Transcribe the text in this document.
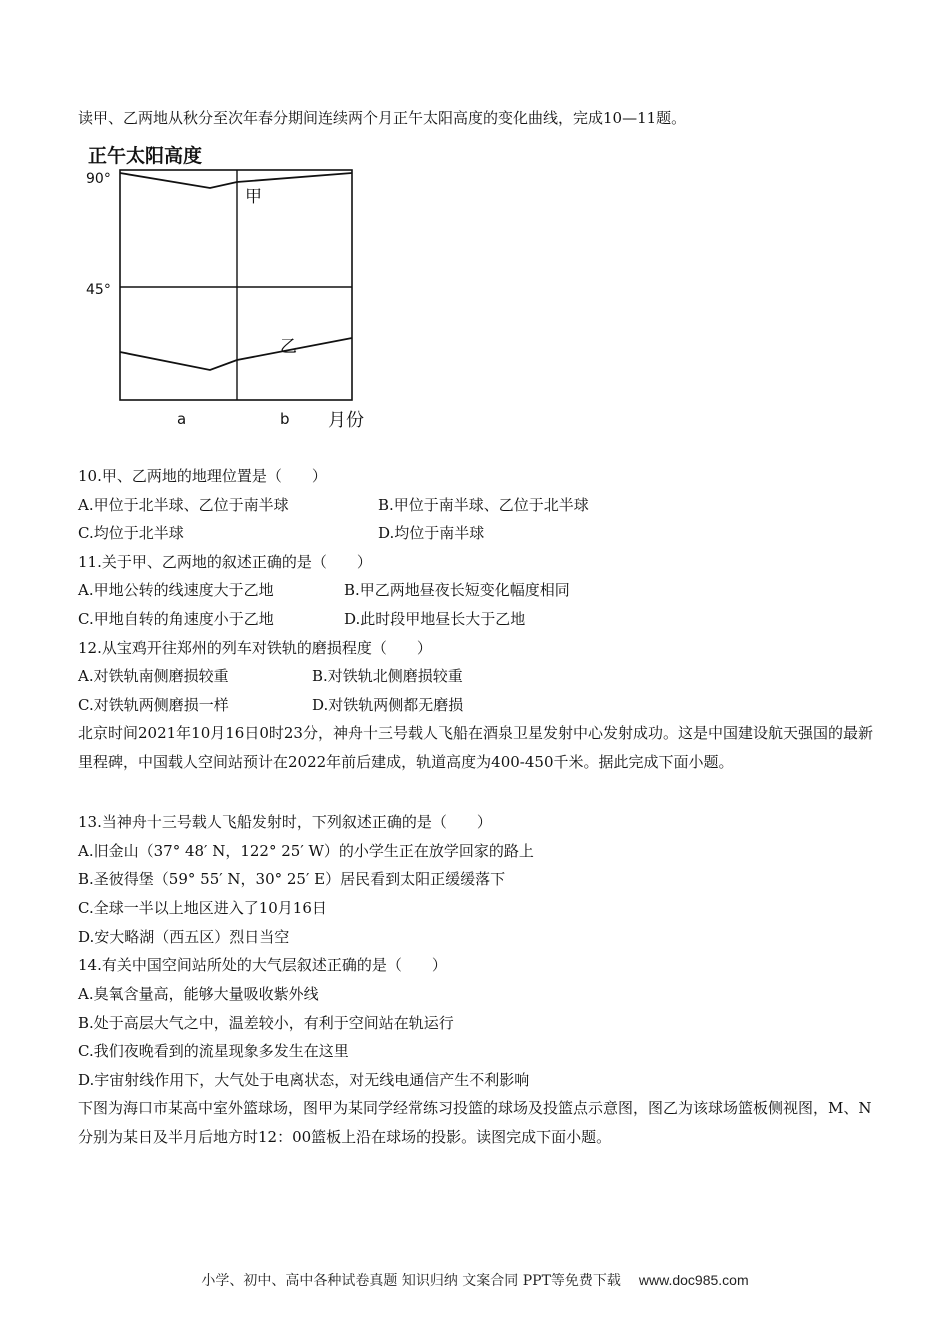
读甲、乙两地从秋分至次年春分期间连续两个月正午太阳高度的变化曲线，完成10—11题。
正午太阳高度
90°
45°
甲
乙
a	b 月份
10.甲、乙两地的地理位置是（　　）
A.甲位于北半球、乙位于南半球	B.甲位于南半球、乙位于北半球
C.均位于北半球	D.均位于南半球
11.关于甲、乙两地的叙述正确的是（　　）
A.甲地公转的线速度大于乙地	B.甲乙两地昼夜长短变化幅度相同
C.甲地自转的角速度小于乙地	D.此时段甲地昼长大于乙地
12.从宝鸡开往郑州的列车对铁轨的磨损程度（　　）
A.对铁轨南侧磨损较重	B.对铁轨北侧磨损较重
C.对铁轨两侧磨损一样	D.对铁轨两侧都无磨损
北京时间2021年10月16日0时23分，神舟十三号载人飞船在酒泉卫星发射中心发射成功。这是中国建设航天强国的最新里程碑，中国载人空间站预计在2022年前后建成，轨道高度为400-450千米。据此完成下面小题。
13.当神舟十三号载人飞船发射时，下列叙述正确的是（　　）
A.旧金山（37° 48′ N，122° 25′ W）的小学生正在放学回家的路上
B.圣彼得堡（59° 55′ N，30° 25′ E）居民看到太阳正缓缓落下
C.全球一半以上地区进入了10月16日
D.安大略湖（西五区）烈日当空
14.有关中国空间站所处的大气层叙述正确的是（　　）
A.臭氧含量高，能够大量吸收紫外线
B.处于高层大气之中，温差较小，有利于空间站在轨运行
C.我们夜晚看到的流星现象多发生在这里
D.宇宙射线作用下，大气处于电离状态，对无线电通信产生不利影响
下图为海口市某高中室外篮球场，图甲为某同学经常练习投篮的球场及投篮点示意图，图乙为该球场篮板侧视图，M、N分别为某日及半月后地方时12：00篮板上沿在球场的投影。读图完成下面小题。
小学、初中、高中各种试卷真题 知识归纳 文案合同 PPT等免费下载 www.doc985.com
